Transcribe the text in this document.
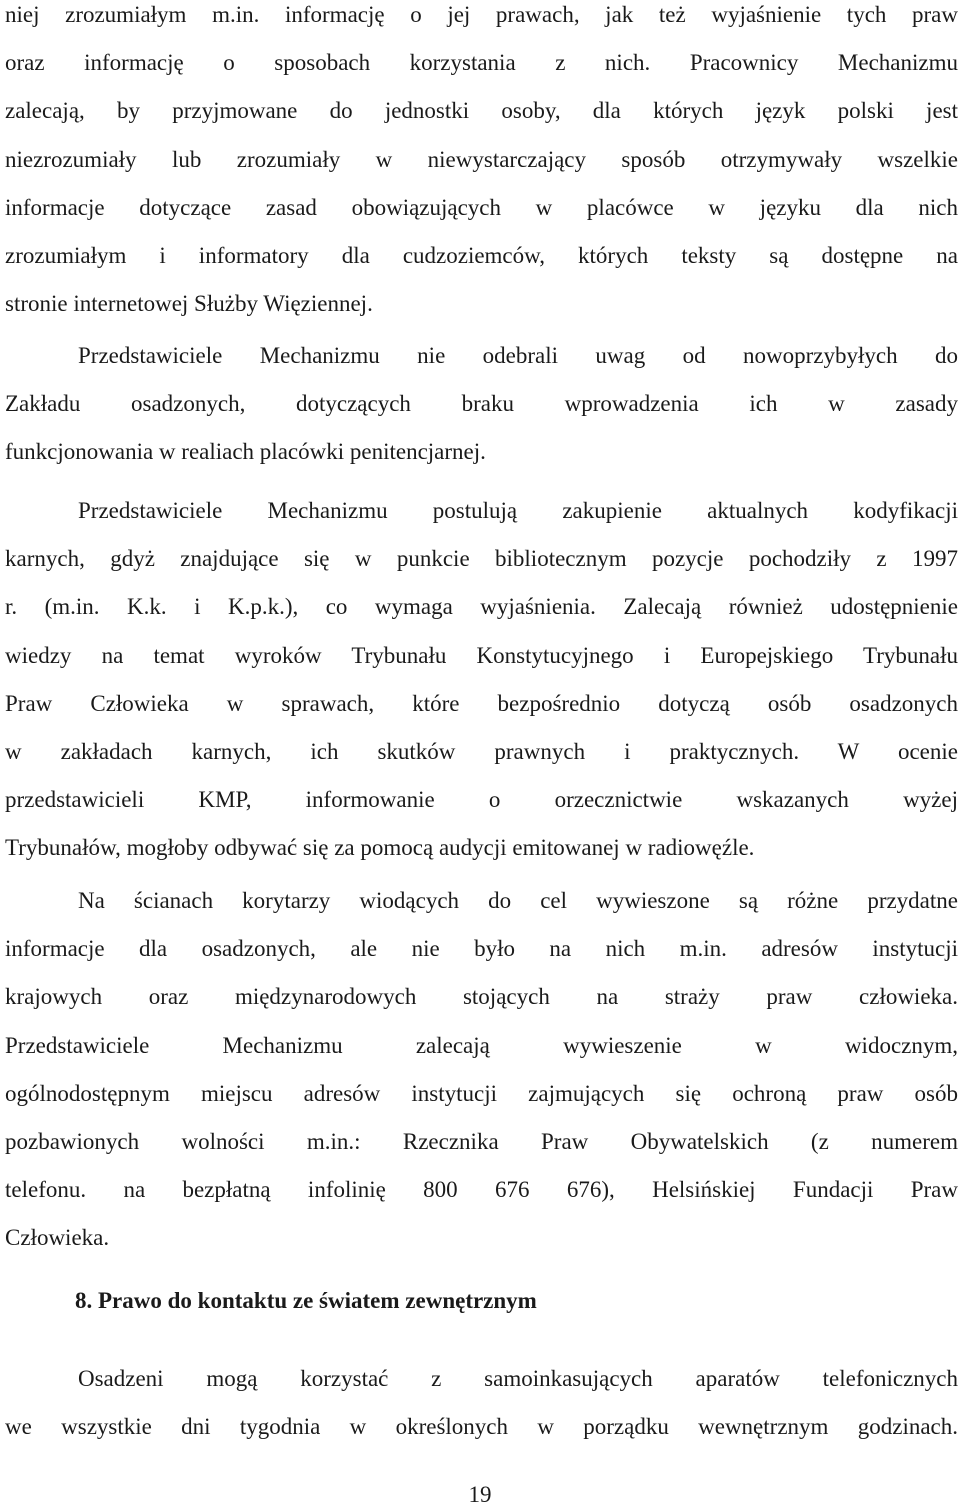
niej zrozumiałym m.in. informację o jej prawach, jak też wyjaśnienie tych praw
oraz informację o sposobach korzystania z nich. Pracownicy Mechanizmu
zalecają, by przyjmowane do jednostki osoby, dla których język polski jest
niezrozumiały lub zrozumiały w niewystarczający sposób otrzymywały wszelkie
informacje dotyczące zasad obowiązujących w placówce w języku dla nich
zrozumiałym i informatory dla cudzoziemców, których teksty są dostępne na
stronie internetowej Służby Więziennej.
Przedstawiciele Mechanizmu nie odebrali uwag od nowoprzybyłych do
Zakładu osadzonych, dotyczących braku wprowadzenia ich w zasady
funkcjonowania w realiach placówki penitencjarnej.
Przedstawiciele Mechanizmu postulują zakupienie aktualnych kodyfikacji
karnych, gdyż znajdujące się w punkcie bibliotecznym pozycje pochodziły z 1997
r. (m.in. K.k. i K.p.k.), co wymaga wyjaśnienia. Zalecają również udostępnienie
wiedzy na temat wyroków Trybunału Konstytucyjnego i Europejskiego Trybunału
Praw Człowieka w sprawach, które bezpośrednio dotyczą osób osadzonych
w zakładach karnych, ich skutków prawnych i praktycznych. W ocenie
przedstawicieli KMP, informowanie o orzecznictwie wskazanych wyżej
Trybunałów, mogłoby odbywać się za pomocą audycji emitowanej w radiowęźle.
Na ścianach korytarzy wiodących do cel wywieszone są różne przydatne
informacje dla osadzonych, ale nie było na nich m.in. adresów instytucji
krajowych oraz międzynarodowych stojących na straży praw człowieka.
Przedstawiciele Mechanizmu zalecają wywieszenie w widocznym,
ogólnodostępnym miejscu adresów instytucji zajmujących się ochroną praw osób
pozbawionych wolności m.in.: Rzecznika Praw Obywatelskich (z numerem
telefonu. na bezpłatną infolinię 800 676 676), Helsińskiej Fundacji Praw
Człowieka.
Osadzeni mogą korzystać z samoinkasujących aparatów telefonicznych
we wszystkie dni tygodnia w określonych w porządku wewnętrznym godzinach.
8. Prawo do kontaktu ze światem zewnętrznym
19
